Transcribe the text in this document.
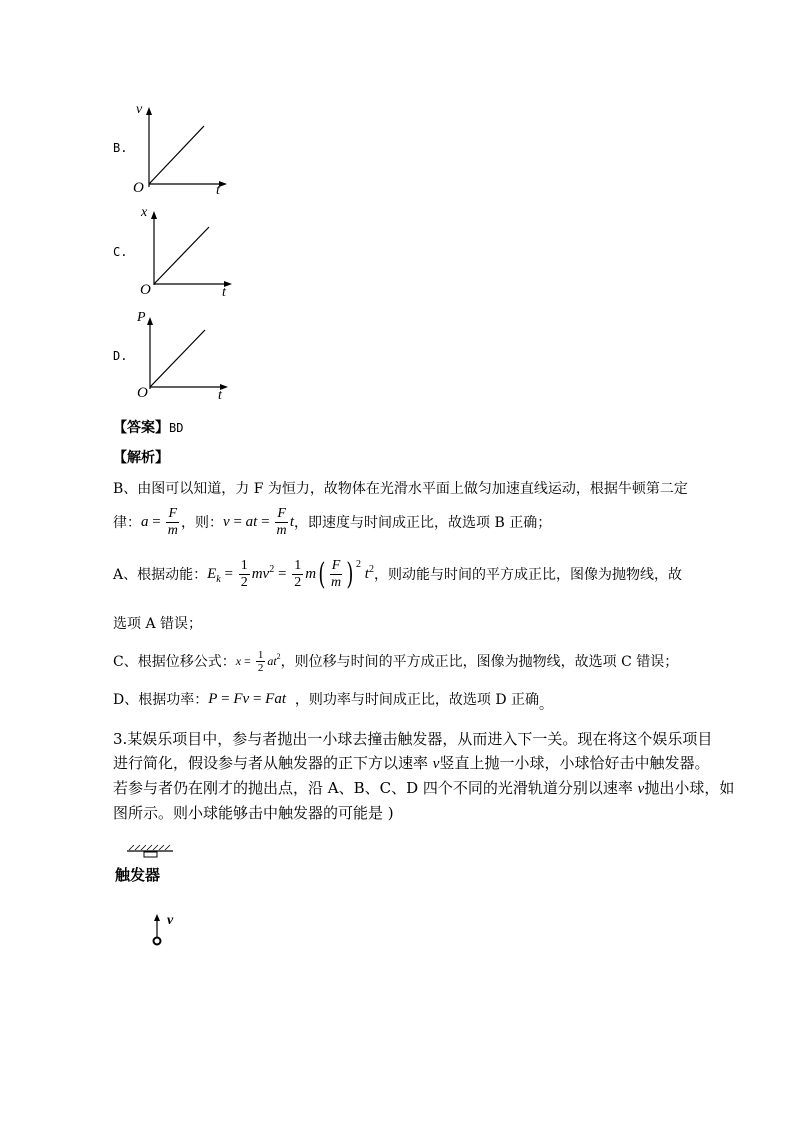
B.
v
O	t
C.
x
O	t
D.
P
O	t
【答案】BD
【解析】
B、由图可以知道，力 F 为恒力，故物体在光滑水平面上做匀加速直线运动，根据牛顿第二定
律： $a = \frac{F}{m}$ ，则： v = at = $\frac{F}{m}$ t ，即速度与时间成正比，故选项 B 正确；
A、根据动能： E $k = \frac{1}{2}$ mv $2 = \frac{1}{2}$ m ( $\frac{F}{m}$ ) 2
t 2 ，则动能与时间的平方成正比，图像为抛物线，故
选项 A 错误；
C、根据位移公式： $x = \frac{1}{2}$ at 2 ，则位移与时间的平方成正比，图像为抛物线，故选项 C 错误；
D、根据功率： P = Fv = Fat
，则功率与时间成正比，故选项 D 正确 。
3.某娱乐项目中，参与者抛出一小球去撞击触发器，从而进入下一关。现在将这个娱乐项目
进行简化，假设参与者从触发器的正下方以速率 v竖直上抛一小球，小球恰好击中触发器。
若参与者仍在刚才的抛出点，沿 A、B、C、D 四个不同的光滑轨道分别以速率 v抛出小球，如
图所示。则小球能够击中触发器的可能是 )
触发器
v
